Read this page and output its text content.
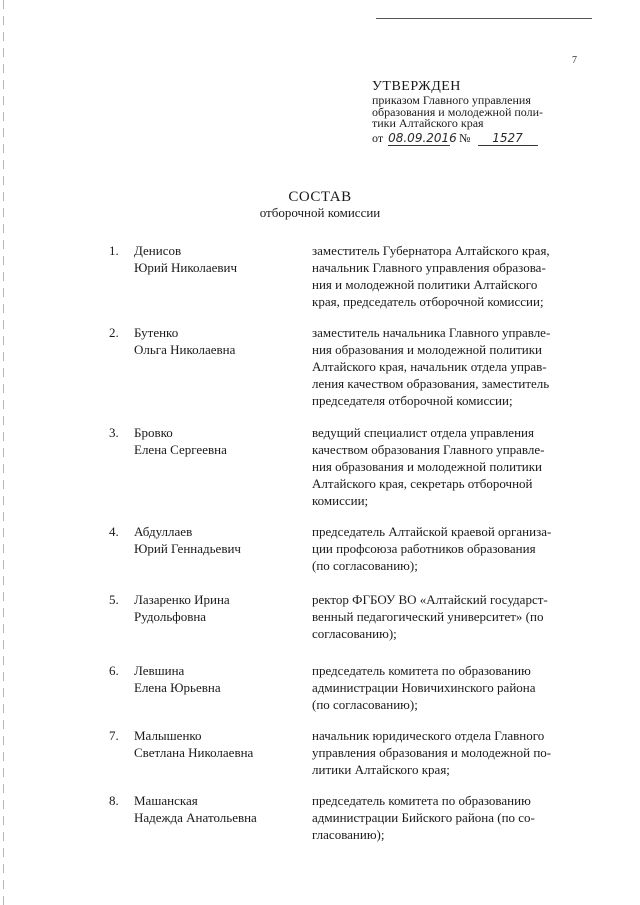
7
УТВЕРЖДЕН
приказом Главного управления
образования и молодежной поли-
тики Алтайского края
от 08.09.2016 № 1527
СОСТАВ
отборочной комиссии
1. Денисов
Юрий Николаевич
заместитель Губернатора Алтайского края,
начальник Главного управления образова-
ния и молодежной политики Алтайского
края, председатель отборочной комиссии;
2. Бутенко
Ольга Николаевна
заместитель начальника Главного управле-
ния образования и молодежной политики
Алтайского края, начальник отдела управ-
ления качеством образования, заместитель
председателя отборочной комиссии;
3. Бровко
Елена Сергеевна
ведущий специалист отдела управления
качеством образования Главного управле-
ния образования и молодежной политики
Алтайского края, секретарь отборочной
комиссии;
4. Абдуллаев
Юрий Геннадьевич
председатель Алтайской краевой организа-
ции профсоюза работников образования
(по согласованию);
5. Лазаренко Ирина
Рудольфовна
ректор ФГБОУ ВО «Алтайский государст-
венный педагогический университет» (по
согласованию);
6. Левшина
Елена Юрьевна
председатель комитета по образованию
администрации Новичихинского района
(по согласованию);
7. Малышенко
Светлана Николаевна
начальник юридического отдела Главного
управления образования и молодежной по-
литики Алтайского края;
8. Машанская
Надежда Анатольевна
председатель комитета по образованию
администрации Бийского района (по со-
гласованию);
